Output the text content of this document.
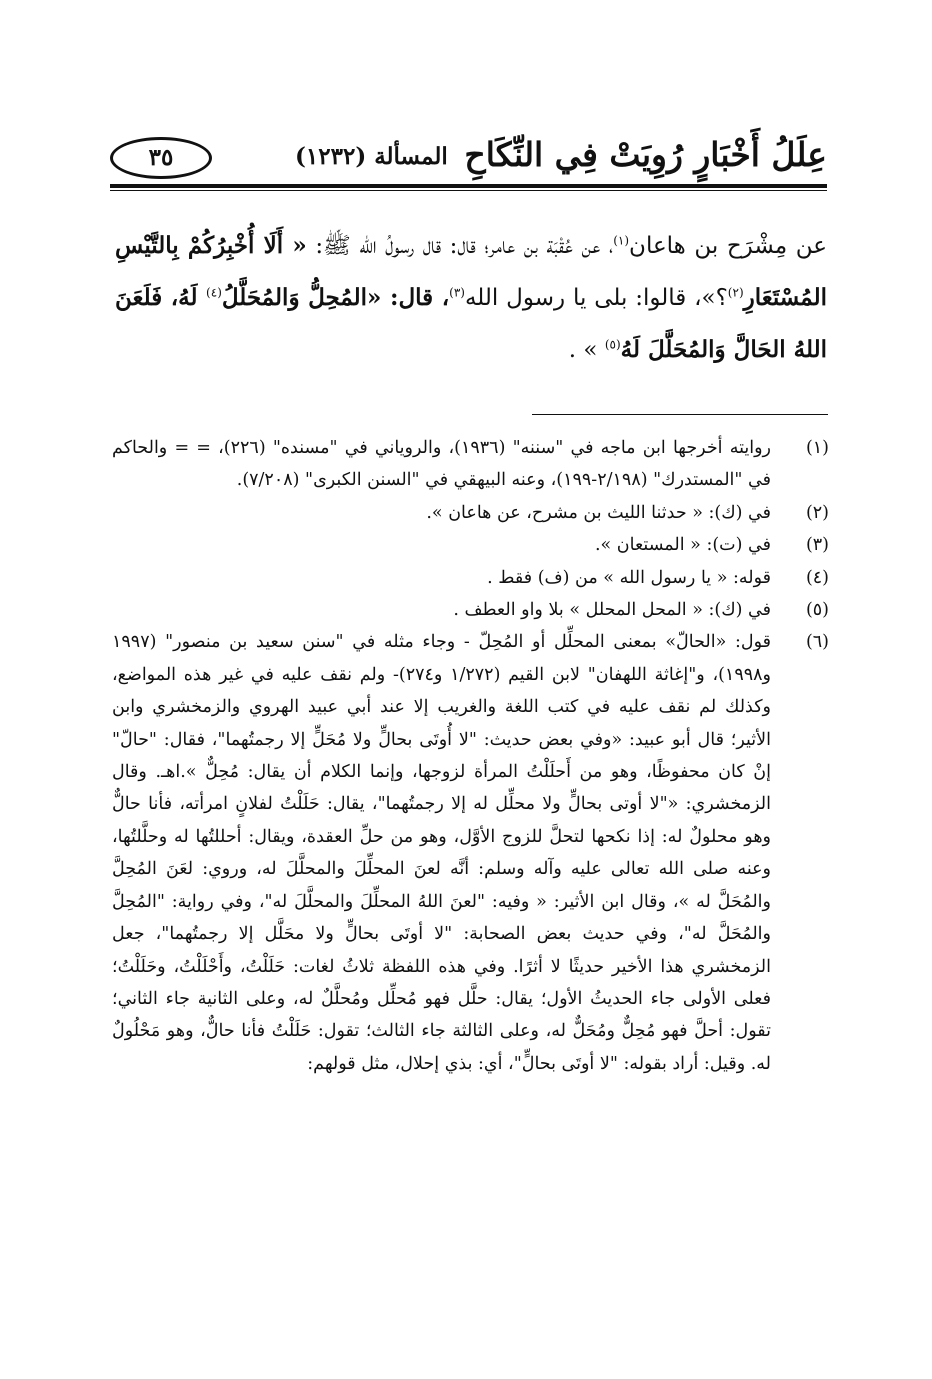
عِلَلُ أَخْبَارٍ رُوِيَتْ فِي النِّكَاحِ
المسألة (١٢٣٢)
٣٥

عن مِشْرَح بن هاعان$^{(١)}$، عن عُقْبَة بن عامر؛ قال: قال رسولُ الله ﷺ: « أَلَا أُخْبِرُكُمْ بِالتَّيْسِ المُسْتَعَارِ$^{(٢)}$؟»، قالوا: بلى يا رسول الله$^{(٣)}$، قال: «المُحِلُّ وَالمُحَلَّلُ$^{(٤)}$ لَهُ، فَلَعَنَ اللهُ الحَالَّ وَالمُحَلَّلَ لَهُ$^{(٥)}$ » .

(١)
روايته أخرجها ابن ماجه في "سننه" (١٩٣٦)، والروياني في "مسنده" (٢٢٦)، = = والحاكم في "المستدرك" (٢/١٩٨-١٩٩)، وعنه البيهقي في "السنن الكبرى" (٧/٢٠٨).
(٢)
في (ك): « حدثنا الليث بن مشرح، عن هاعان ».
(٣)
في (ت): « المستعان ».
(٤)
قوله: « يا رسول الله » من (ف) فقط .
(٥)
في (ك): « المحل المحلل » بلا واو العطف .
(٦)
قول: «الحالّ» بمعنى المحلِّل أو المُحِلّ - وجاء مثله في "سنن سعيد بن منصور" (١٩٩٧ و١٩٩٨)، و"إغاثة اللهفان" لابن القيم (١/٢٧٢ و٢٧٤)- ولم نقف عليه في غير هذه المواضع، وكذلك لم نقف عليه في كتب اللغة والغريب إلا عند أبي عبيد الهروي والزمخشري وابن الأثير؛ قال أبو عبيد: «وفي بعض حديث: "لا أُوتَى بحالٍّ ولا مُحَلٍّ إلا رجمتُهما"، فقال: "حالّ" إنْ كان محفوظًا، وهو من أَحلَلْتُ المرأة لزوجها، وإنما الكلام أن يقال: مُحِلٌّ ».اهـ. وقال الزمخشري: «"لا أوتى بحالٍّ ولا محلِّل له إلا رجمتُهما"، يقال: حَلَلْتُ لفلانٍ امرأته، فأنا حالٌّ وهو محلولٌ له: إذا نكحها لتحلَّ للزوج الأوَّل، وهو من حلِّ العقدة، ويقال: أحللتُها له وحلَّلتُها، وعنه صلى الله تعالى عليه وآله وسلم: أنَّه لعنَ المحلِّلَ والمحلَّلَ له، وروي: لعَنَ المُحِلَّ والمُحَلَّ له »، وقال ابن الأثير: « وفيه: "لعنَ اللهُ المحلِّلَ والمحلَّلَ له"، وفي رواية: "المُحِلَّ والمُحَلَّ له"، وفي حديث بعض الصحابة: "لا أوتَى بحالٍّ ولا محَلَّل إلا رجمتُهما"، جعل الزمخشري هذا الأخير حديثًا لا أثرًا. وفي هذه اللفظة ثلاثُ لغات: حَلَلْتُ، وأَحْلَلْتُ، وحَلَلْتُ؛ فعلى الأولى جاء الحديثُ الأول؛ يقال: حلَّل فهو مُحلِّل ومُحلَّلٌ له، وعلى الثانية جاء الثاني؛ تقول: أحلَّ فهو مُحِلٌّ ومُحَلٌّ له، وعلى الثالثة جاء الثالث؛ تقول: حَلَلْتُ فأنا حالٌّ، وهو مَحْلُولٌ له. وقيل: أراد بقوله: "لا أوتَى بحالٍّ"، أي: بذي إحلال، مثل قولهم:
